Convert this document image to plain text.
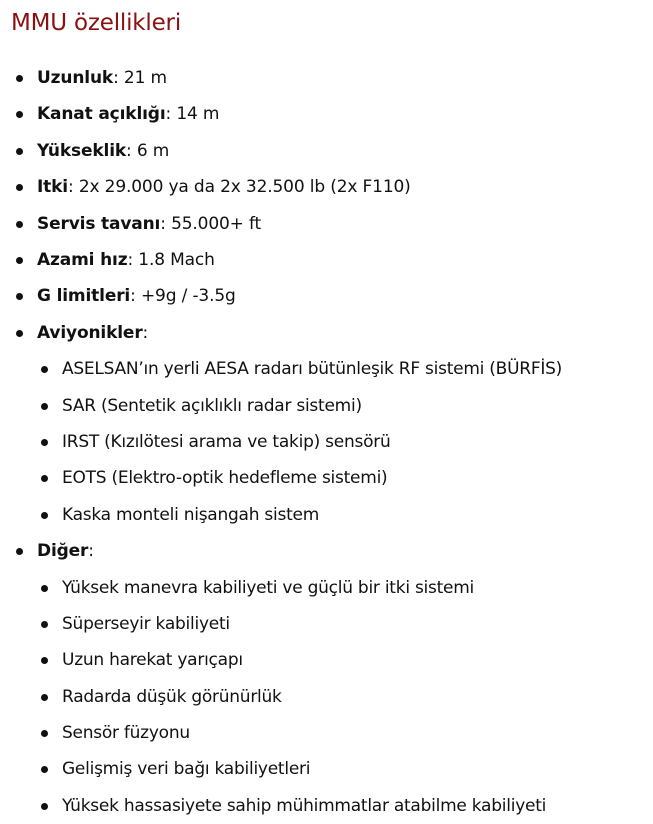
MMU özellikleri
Uzunluk: 21 m
Kanat açıklığı: 14 m
Yükseklik: 6 m
Itki: 2x 29.000 ya da 2x 32.500 lb (2x F110)
Servis tavanı: 55.000+ ft
Azami hız: 1.8 Mach
G limitleri: +9g / -3.5g
Aviyonikler:
ASELSAN’ın yerli AESA radarı bütünleşik RF sistemi (BÜRFİS)
SAR (Sentetik açıklıklı radar sistemi)
IRST (Kızılötesi arama ve takip) sensörü
EOTS (Elektro-optik hedefleme sistemi)
Kaska monteli nişangah sistem
Diğer:
Yüksek manevra kabiliyeti ve güçlü bir itki sistemi
Süperseyir kabiliyeti
Uzun harekat yarıçapı
Radarda düşük görünürlük
Sensör füzyonu
Gelişmiş veri bağı kabiliyetleri
Yüksek hassasiyete sahip mühimmatlar atabilme kabiliyeti
